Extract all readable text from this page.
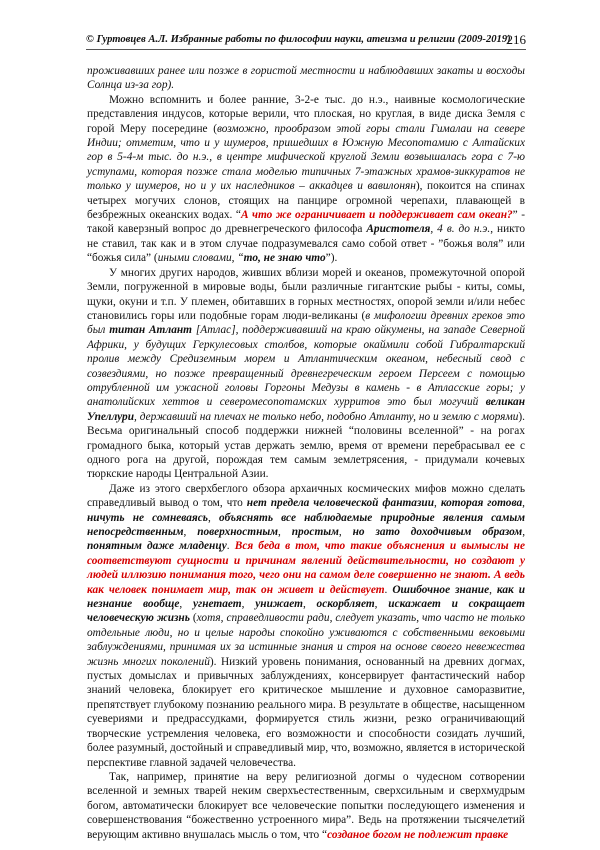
© Гуртовцев А.Л. Избранные работы по философии науки, атеизма и религии (2009-2019)
216

проживавших ранее или позже в гористой местности и наблюдавших закаты и восходы Солнца из-за гор).

Можно вспомнить и более ранние, 3-2-е тыс. до н.э., наивные космологические представления индусов, которые верили, что плоская, но круглая, в виде диска Земля с горой Меру посередине (возможно, прообразом этой горы стали Гималаи на севере Индии; отметим, что и у шумеров, пришедших в Южную Месопотамию с Алтайских гор в 5-4-м тыс. до н.э., в центре мифической круглой Земли возвышалась гора с 7-ю уступами, которая позже стала моделью типичных 7-этажных храмов-зиккуратов не только у шумеров, но и у их наследников – аккадцев и вавилонян), покоится на спинах четырех могучих слонов, стоящих на панцире огромной черепахи, плавающей в безбрежных океанских водах. “А что же ограничивает и поддерживает сам океан?” - такой каверзный вопрос до древнегреческого философа Аристотеля, 4 в. до н.э., никто не ставил, так как и в этом случае подразумевался само собой ответ - ”божья воля” или “божья сила” (иными словами, “то, не знаю что”).

У многих других народов, живших вблизи морей и океанов, промежуточной опорой Земли, погруженной в мировые воды, были различные гигантские рыбы - киты, сомы, щуки, окуни и т.п. У племен, обитавших в горных местностях, опорой земли и/или небес становились горы или подобные горам люди-великаны (в мифологии древних греков это был титан Атлант [Атлас], поддерживавший на краю ойкумены, на западе Северной Африки, у будущих Геркулесовых столбов, которые окаймили собой Гибралтарский пролив между Средиземным морем и Атлантическим океаном, небесный свод с созвездиями, но позже превращенный древнегреческим героем Персеем с помощью отрубленной им ужасной головы Горгоны Медузы в камень - в Атласские горы; у анатолийских хеттов и северомесопотамских хурритов это был могучий великан Упеллури, державший на плечах не только небо, подобно Атланту, но и землю с морями). Весьма оригинальный способ поддержки нижней “половины вселенной” - на рогах громадного быка, который устав держать землю, время от времени перебрасывал ее с одного рога на другой, порождая тем самым землетрясения, - придумали кочевых тюркские народы Центральной Азии.

Даже из этого сверхбеглого обзора архаичных космических мифов можно сделать справедливый вывод о том, что нет предела человеческой фантазии, которая готова, ничуть не сомневаясь, объяснять все наблюдаемые природные явления самым непосредственным, поверхностным, простым, но зато доходчивым образом, понятным даже младенцу. Вся беда в том, что такие объяснения и вымыслы не соответствуют сущности и причинам явлений действительности, но создают у людей иллюзию понимания того, чего они на самом деле совершенно не знают. А ведь как человек понимает мир, так он живет и действует. Ошибочное знание, как и незнание вообще, угнетает, унижает, оскорбляет, искажает и сокращает человеческую жизнь (хотя, справедливости ради, следует указать, что часто не только отдельные люди, но и целые народы спокойно уживаются с собственными вековыми заблуждениями, принимая их за истинные знания и строя на основе своего невежества жизнь многих поколений). Низкий уровень понимания, основанный на древних догмах, пустых домыслах и привычных заблуждениях, консервирует фантастический набор знаний человека, блокирует его критическое мышление и духовное саморазвитие, препятствует глубокому познанию реального мира. В результате в обществе, насыщенном суевериями и предрассудками, формируется стиль жизни, резко ограничивающий творческие устремления человека, его возможности и способности созидать лучший, более разумный, достойный и справедливый мир, что, возможно, является в исторической перспективе главной задачей человечества.

Так, например, принятие на веру религиозной догмы о чудесном сотворении вселенной и земных тварей неким сверхъестественным, сверхсильным и сверхмудрым богом, автоматически блокирует все человеческие попытки последующего изменения и совершенствования “божественно устроенного мира”. Ведь на протяжении тысячелетий верующим активно внушалась мысль о том, что “созданое богом не подлежит правке
